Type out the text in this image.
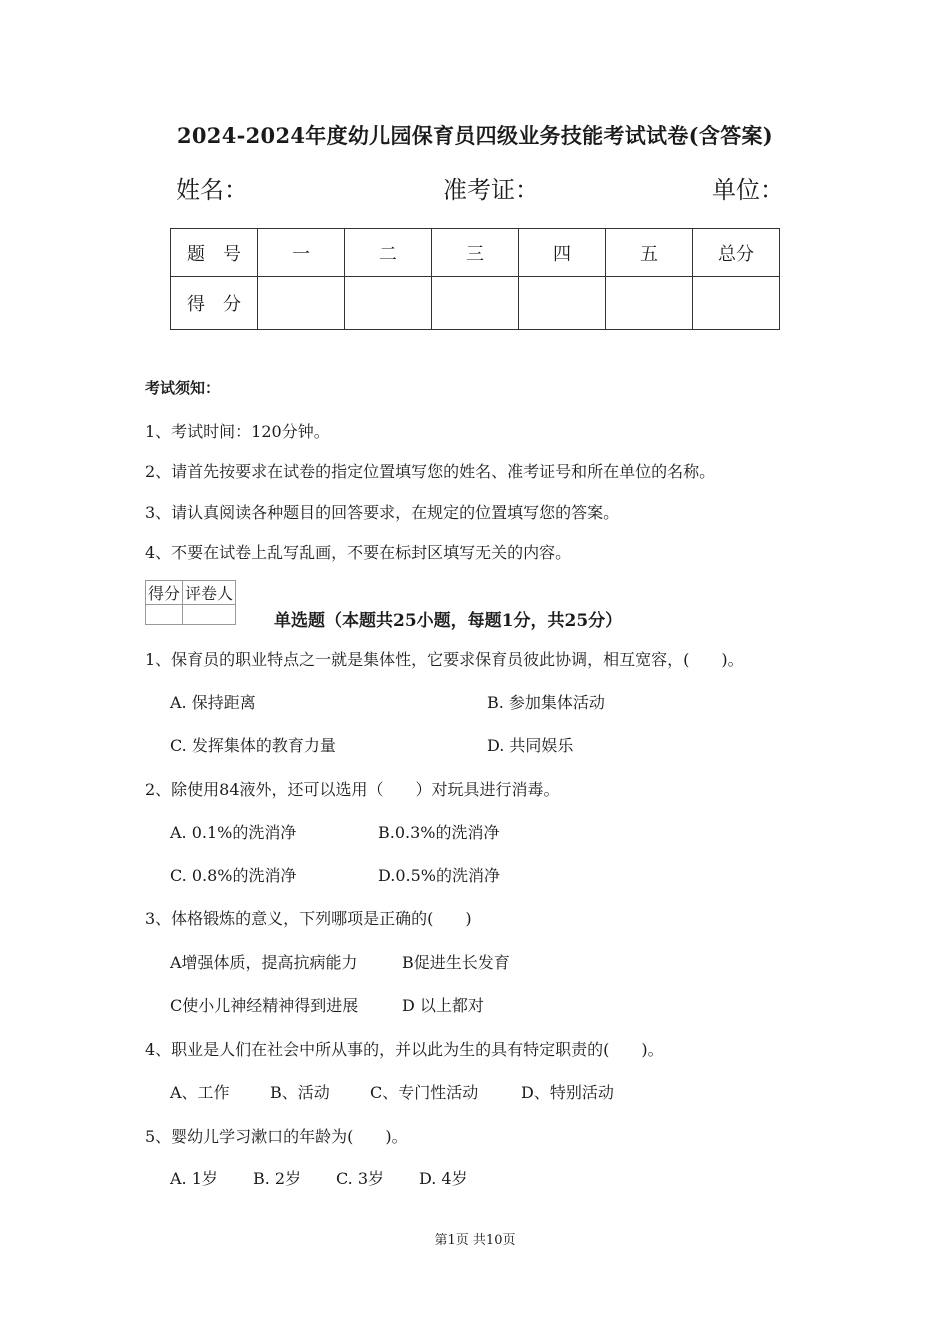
2024-2024年度幼儿园保育员四级业务技能考试试卷(含答案)
姓名：	准考证：	单位：
题　号	一	二	三	四	五	总分
得　分						
考试须知：
1、考试时间：120分钟。
2、请首先按要求在试卷的指定位置填写您的姓名、准考证号和所在单位的名称。
3、请认真阅读各种题目的回答要求，在规定的位置填写您的答案。
4、不要在试卷上乱写乱画，不要在标封区填写无关的内容。
得分	评卷人

单选题（本题共25小题，每题1分，共25分）
1、保育员的职业特点之一就是集体性，它要求保育员彼此协调，相互宽容，(　　)。
A. 保持距离	B. 参加集体活动
C. 发挥集体的教育力量	D. 共同娱乐
2、除使用84液外，还可以选用（　　）对玩具进行消毒。
A. 0.1%的洗消净	B.0.3%的洗消净
C. 0.8%的洗消净	D.0.5%的洗消净
3、体格锻炼的意义，下列哪项是正确的(　　)
A增强体质，提高抗病能力	B促进生长发育
C使小儿神经精神得到进展	D 以上都对
4、职业是人们在社会中所从事的，并以此为生的具有特定职责的(　　)。
A、工作	B、活动	C、专门性活动	D、特别活动
5、婴幼儿学习漱口的年龄为(　　)。
A. 1岁 B. 2岁 C. 3岁 D. 4岁
第1页 共10页
